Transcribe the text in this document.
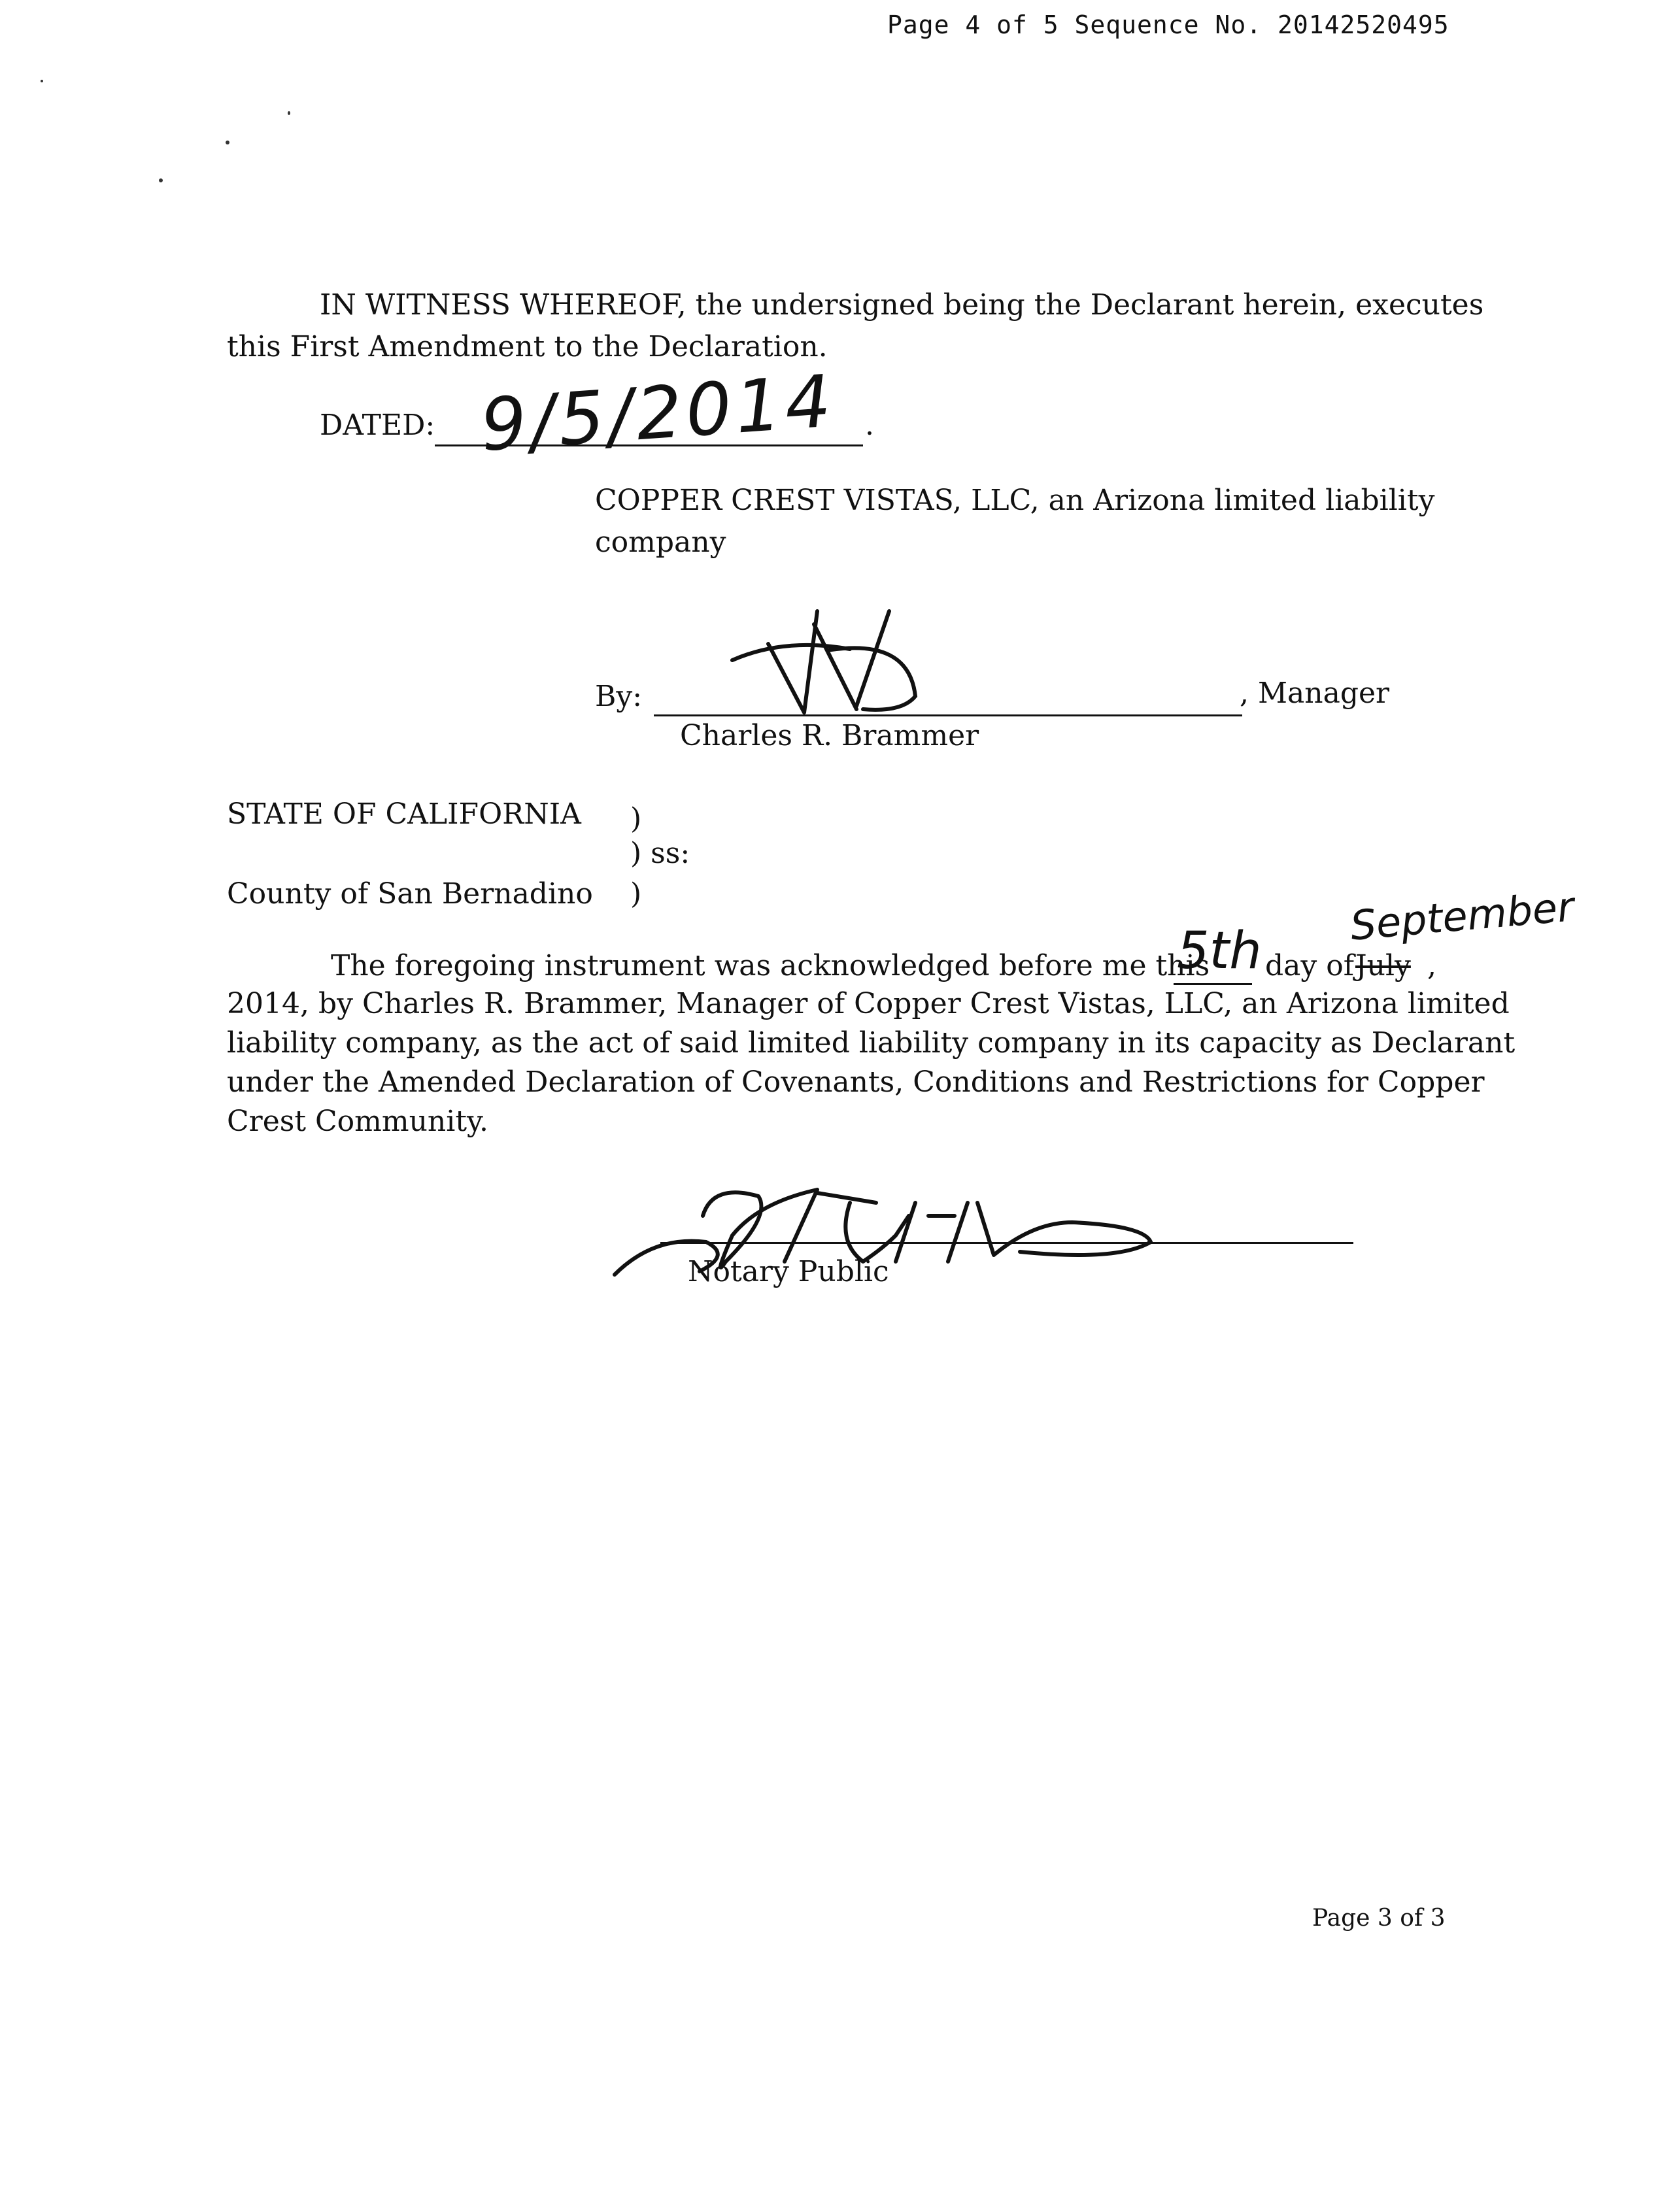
Page 4 of 5 Sequence No. 20142520495
IN WITNESS WHEREOF, the undersigned being the Declarant herein, executes
this First Amendment to the Declaration.
DATED:	.
9/5/2014
COPPER CREST VISTAS, LLC, an Arizona limited liability
company
By:	, Manager
Charles R. Brammer
STATE OF CALIFORNIA )
) ss:
County of San Bernadino )
The foregoing instrument was acknowledged before me this
5th day of July ,
September
2014, by Charles R. Brammer, Manager of Copper Crest Vistas, LLC, an Arizona limited
liability company, as the act of said limited liability company in its capacity as Declarant
under the Amended Declaration of Covenants, Conditions and Restrictions for Copper
Crest Community.
Notary Public
Page 3 of 3
